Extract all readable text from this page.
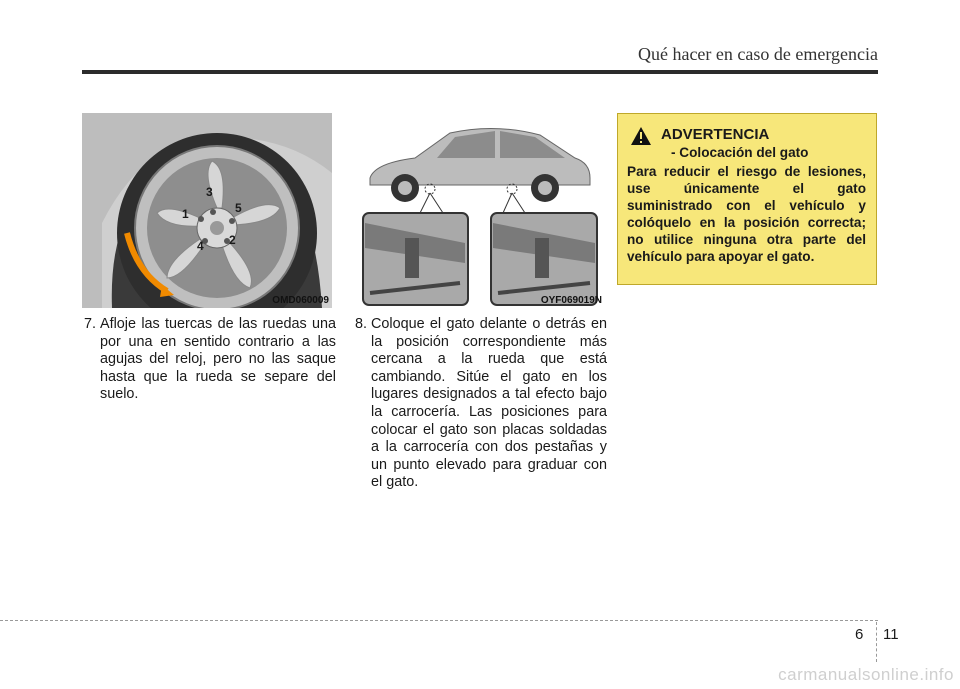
Qué hacer en caso de emergencia
3
5
1
2
4
OMD060009	OYF069019N
7. Afloje las tuercas de las ruedas una por una en sentido contrario a las agujas del reloj, pero no las saque hasta que la rueda se separe del suelo.
8. Coloque el gato delante o detrás en la posición correspondiente más cercana a la rueda que está cambiando. Sitúe el gato en los lugares designados a tal efecto bajo la carrocería. Las posiciones para colocar el gato son placas soldadas a la carrocería con dos pestañas y un punto elevado para graduar con el gato.
ADVERTENCIA
- Colocación del gato
Para reducir el riesgo de lesiones, use únicamente el gato suministrado con el vehículo y colóquelo en la posición correcta; no utilice ninguna otra parte del vehículo para apoyar el gato.
6 11
carmanualsonline.info
